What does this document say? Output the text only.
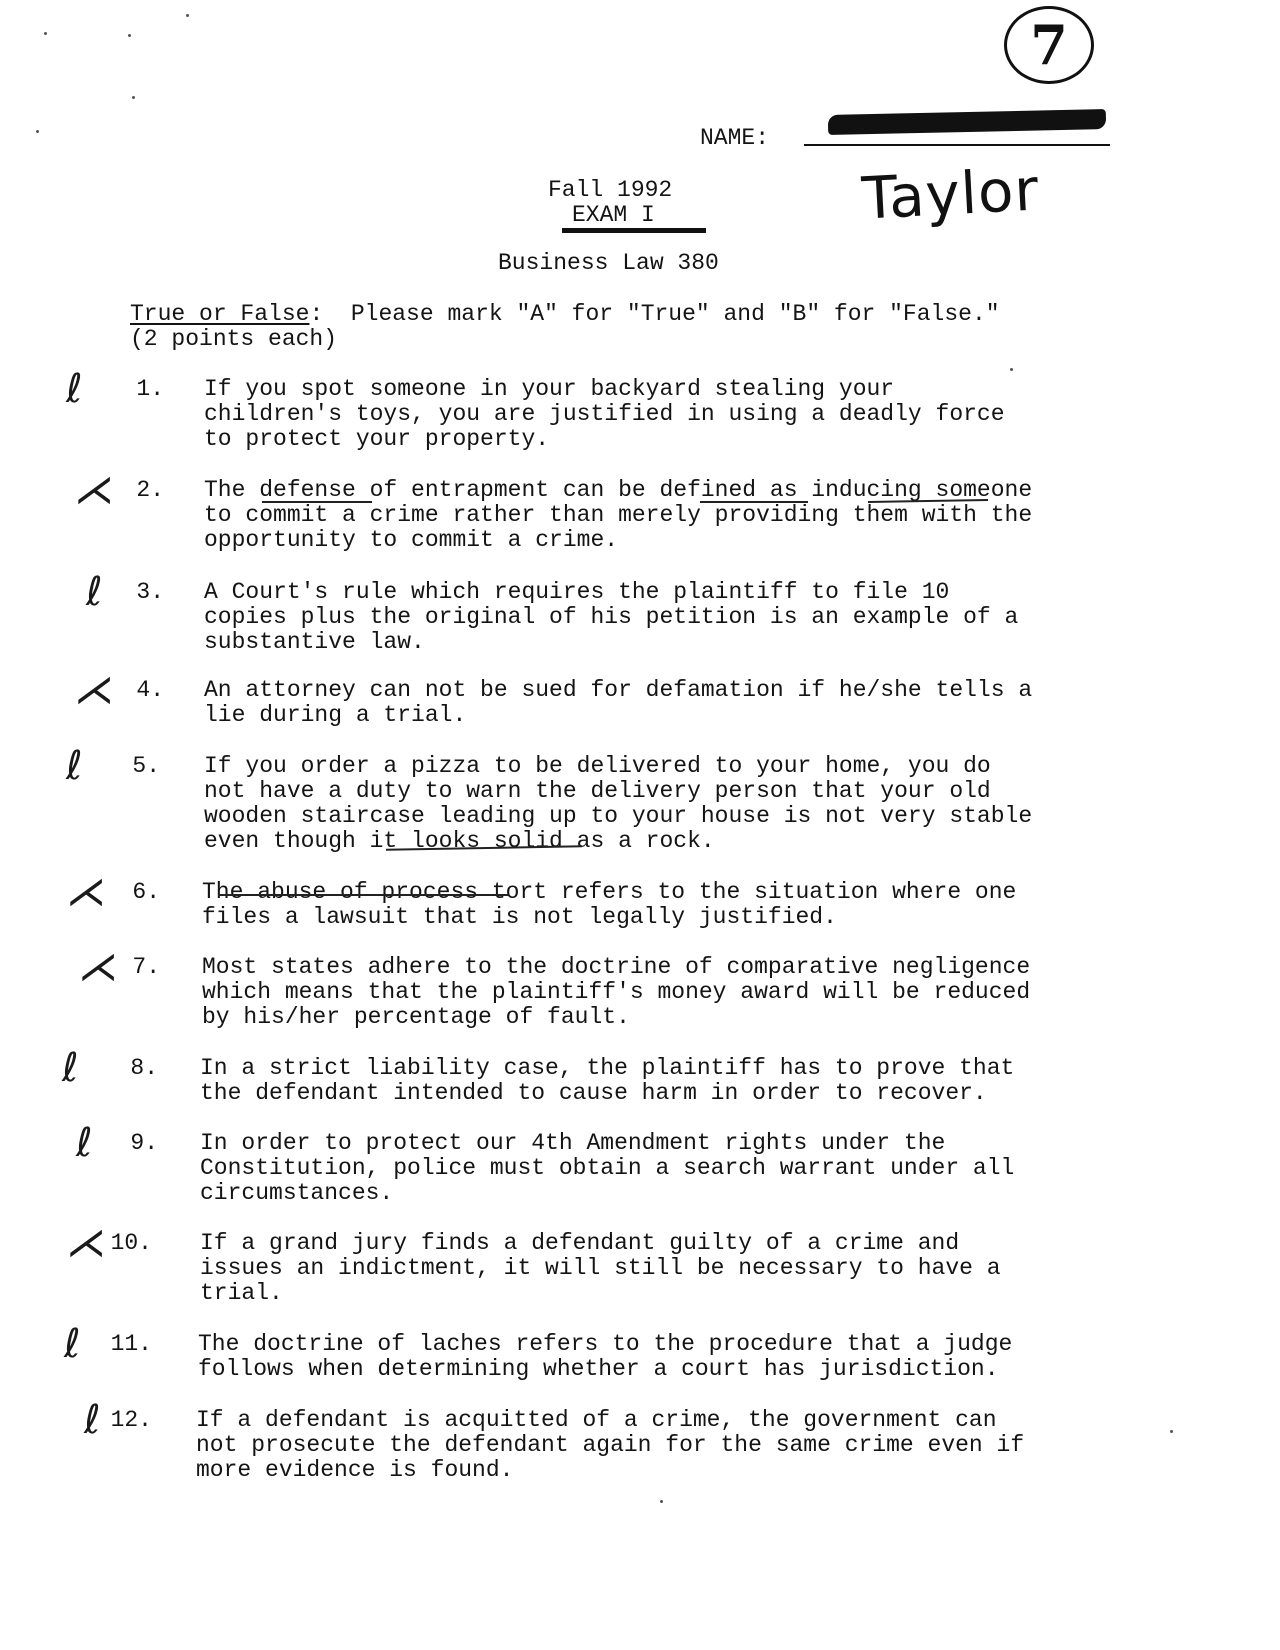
7
NAME:
Taylor
Fall 1992
EXAM I
Business Law 380
True or False:  Please mark "A" for "True" and "B" for "False."
(2 points each)
1.
ℓ	If you spot someone in your backyard stealing your
children's toys, you are justified in using a deadly force
to protect your property.
2.
⋌	The defense of entrapment can be defined as inducing someone
to commit a crime rather than merely providing them with the
opportunity to commit a crime.
3.
ℓ	A Court's rule which requires the plaintiff to file 10
copies plus the original of his petition is an example of a
substantive law.
4.
⋌	An attorney can not be sued for defamation if he/she tells a
lie during a trial.
5.
ℓ	If you order a pizza to be delivered to your home, you do
not have a duty to warn the delivery person that your old
wooden staircase leading up to your house is not very stable
even though it looks solid as a rock.
6.
⋌	The abuse of process tort refers to the situation where one
files a lawsuit that is not legally justified.
7.
⋌	Most states adhere to the doctrine of comparative negligence
which means that the plaintiff's money award will be reduced
by his/her percentage of fault.
8.
ℓ	In a strict liability case, the plaintiff has to prove that
the defendant intended to cause harm in order to recover.
9.
ℓ	In order to protect our 4th Amendment rights under the
Constitution, police must obtain a search warrant under all
circumstances.
10.
⋌	If a grand jury finds a defendant guilty of a crime and
issues an indictment, it will still be necessary to have a
trial.
11.
ℓ	The doctrine of laches refers to the procedure that a judge
follows when determining whether a court has jurisdiction.
12.
ℓ	If a defendant is acquitted of a crime, the government can
not prosecute the defendant again for the same crime even if
more evidence is found.
